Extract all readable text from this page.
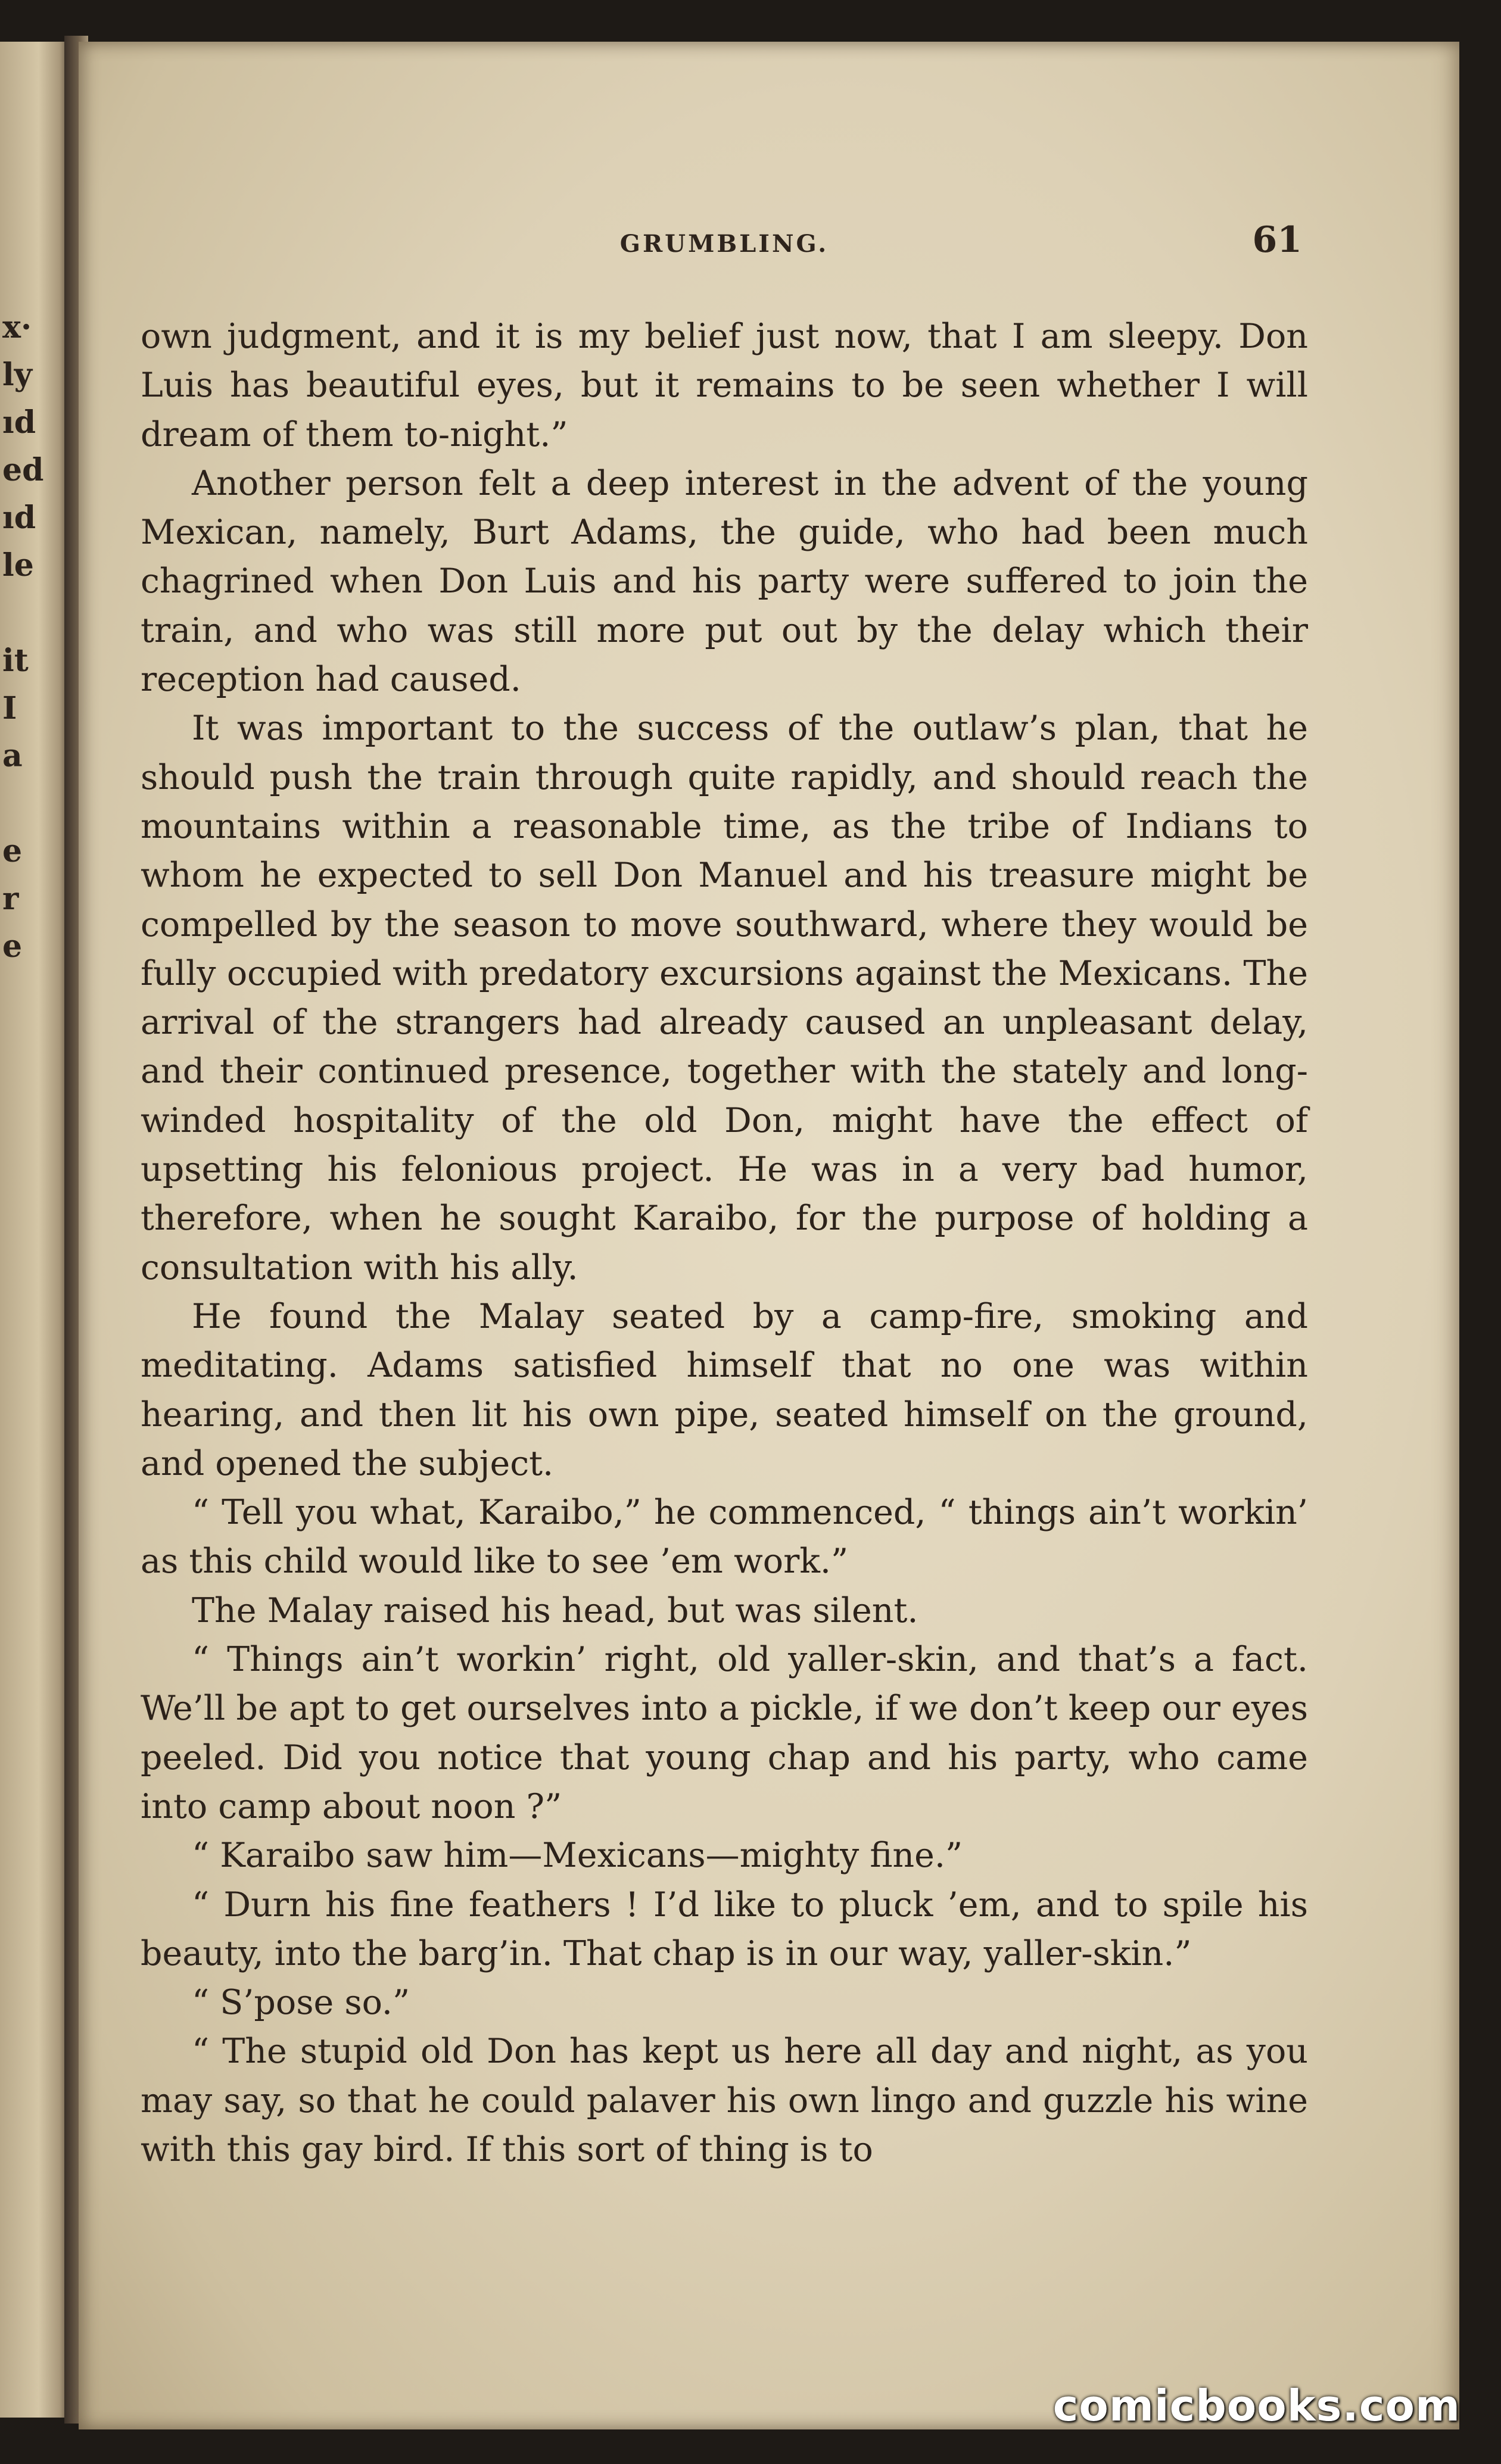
x·
ly
ıd
ed
ıd
le
it
I
a
e
r
e
GRUMBLING.	61

own judgment, and it is my belief just now, that I am sleepy. Don Luis has beautiful eyes, but it remains to be seen whether I will dream of them to-night.”

Another person felt a deep interest in the advent of the young Mexican, namely, Burt Adams, the guide, who had been much chagrined when Don Luis and his party were suffered to join the train, and who was still more put out by the delay which their reception had caused.

It was important to the success of the outlaw’s plan, that he should push the train through quite rapidly, and should reach the mountains within a reasonable time, as the tribe of Indians to whom he expected to sell Don Manuel and his treasure might be compelled by the season to move southward, where they would be fully occupied with predatory excursions against the Mexicans. The arrival of the strangers had already caused an unpleasant delay, and their continued presence, together with the stately and long-winded hospitality of the old Don, might have the effect of upsetting his felonious project. He was in a very bad humor, therefore, when he sought Karaibo, for the purpose of holding a consultation with his ally.

He found the Malay seated by a camp-fire, smoking and meditating. Adams satisfied himself that no one was within hearing, and then lit his own pipe, seated himself on the ground, and opened the subject.

“ Tell you what, Karaibo,” he commenced, “ things ain’t workin’ as this child would like to see ’em work.”

The Malay raised his head, but was silent.

“ Things ain’t workin’ right, old yaller-skin, and that’s a fact. We’ll be apt to get ourselves into a pickle, if we don’t keep our eyes peeled. Did you notice that young chap and his party, who came into camp about noon ?”

“ Karaibo saw him—Mexicans—mighty fine.”

“ Durn his fine feathers ! I’d like to pluck ’em, and to spile his beauty, into the barg’in. That chap is in our way, yaller-skin.”

“ S’pose so.”

“ The stupid old Don has kept us here all day and night, as you may say, so that he could palaver his own lingo and guzzle his wine with this gay bird. If this sort of thing is to

comicbooks.com
